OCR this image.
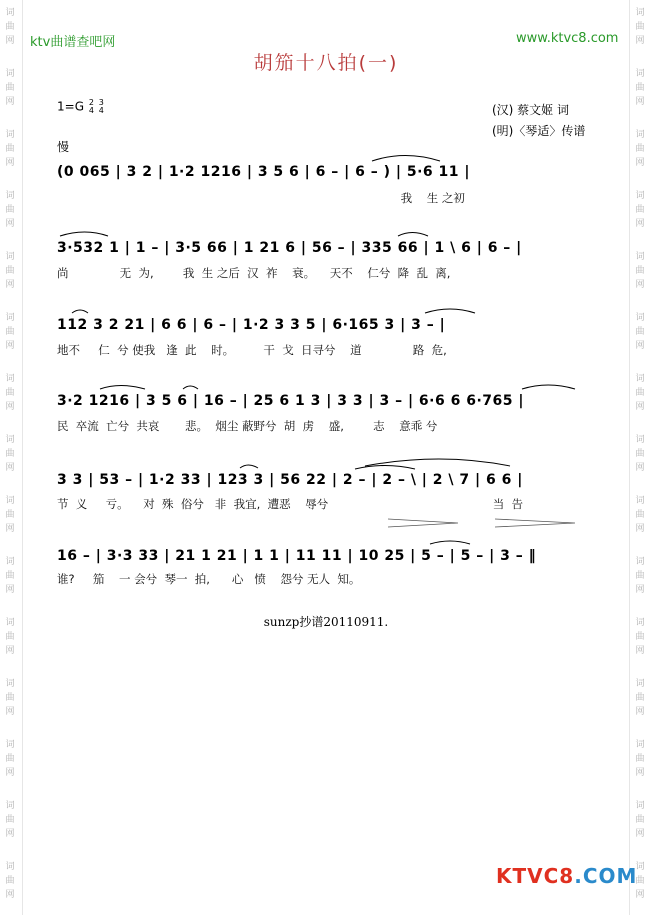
词
曲
网
词
曲
网
词
曲
网
词
曲
网
词
曲
网
词
曲
网
词
曲
网
词
曲
网
词
曲
网
词
曲
网
词
曲
网
词
曲
网
词
曲
网
词
曲
网
词
曲
网
词
曲
网
词
曲
网
词
曲
网
词
曲
网
词
曲
网
词
曲
网
词
曲
网
词
曲
网
词
曲
网
词
曲
网
词
曲
网
词
曲
网
词
曲
网
词
曲
网
词
曲
网
ktv曲谱查吧网	www.ktvc8.com
胡笳十八拍(一)
1=G 2
4

3
4	(汉) 蔡文姬 词
(明)〈琴适〉传谱
慢
(0 065 | 3 2 | 1·2 1216 | 3 5 6 | 6 – | 6 – ) | 5·6 11 |
我    生 之初
3·532 1 | 1 – | 3·5 66 | 1 21 6 | 56 – | 335 66 | 1 \ 6 | 6 – |
尚              无  为,        我  生 之后  汉  祚    衰。    天不    仁兮  降  乱  离,
112 3 2 21 | 6 6 | 6 – | 1·2 3 3 5 | 6·165 3 | 3 – |
地不     仁  兮 使我   逢  此    时。        干  戈  日寻兮    道              路  危,
3·2 1216 | 3 5 6 | 16 – | 25 6 1 3 | 3 3 | 3 – | 6·6 6 6·765 |
民  卒流  亡兮  共哀       悲。  烟尘 蔽野兮  胡  虏    盛,        志    意乖 兮
3 3 | 53 – | 1·2 33 | 123 3 | 56 22 | 2 – | 2 – \ | 2 \ 7 | 6 6 |
节  义     亏。    对  殊  俗兮   非  我宜,  遭恶    辱兮                                             当  告
16 – | 3·3 33 | 21 1 21 | 1 1 | 11 11 | 10 25 | 5 – | 5 – | 3 – ‖
谁?     笳    一 会兮  琴一  拍,      心   愤    怨兮 无人  知。
sunzp抄谱20110911.
KTVC8.COM
